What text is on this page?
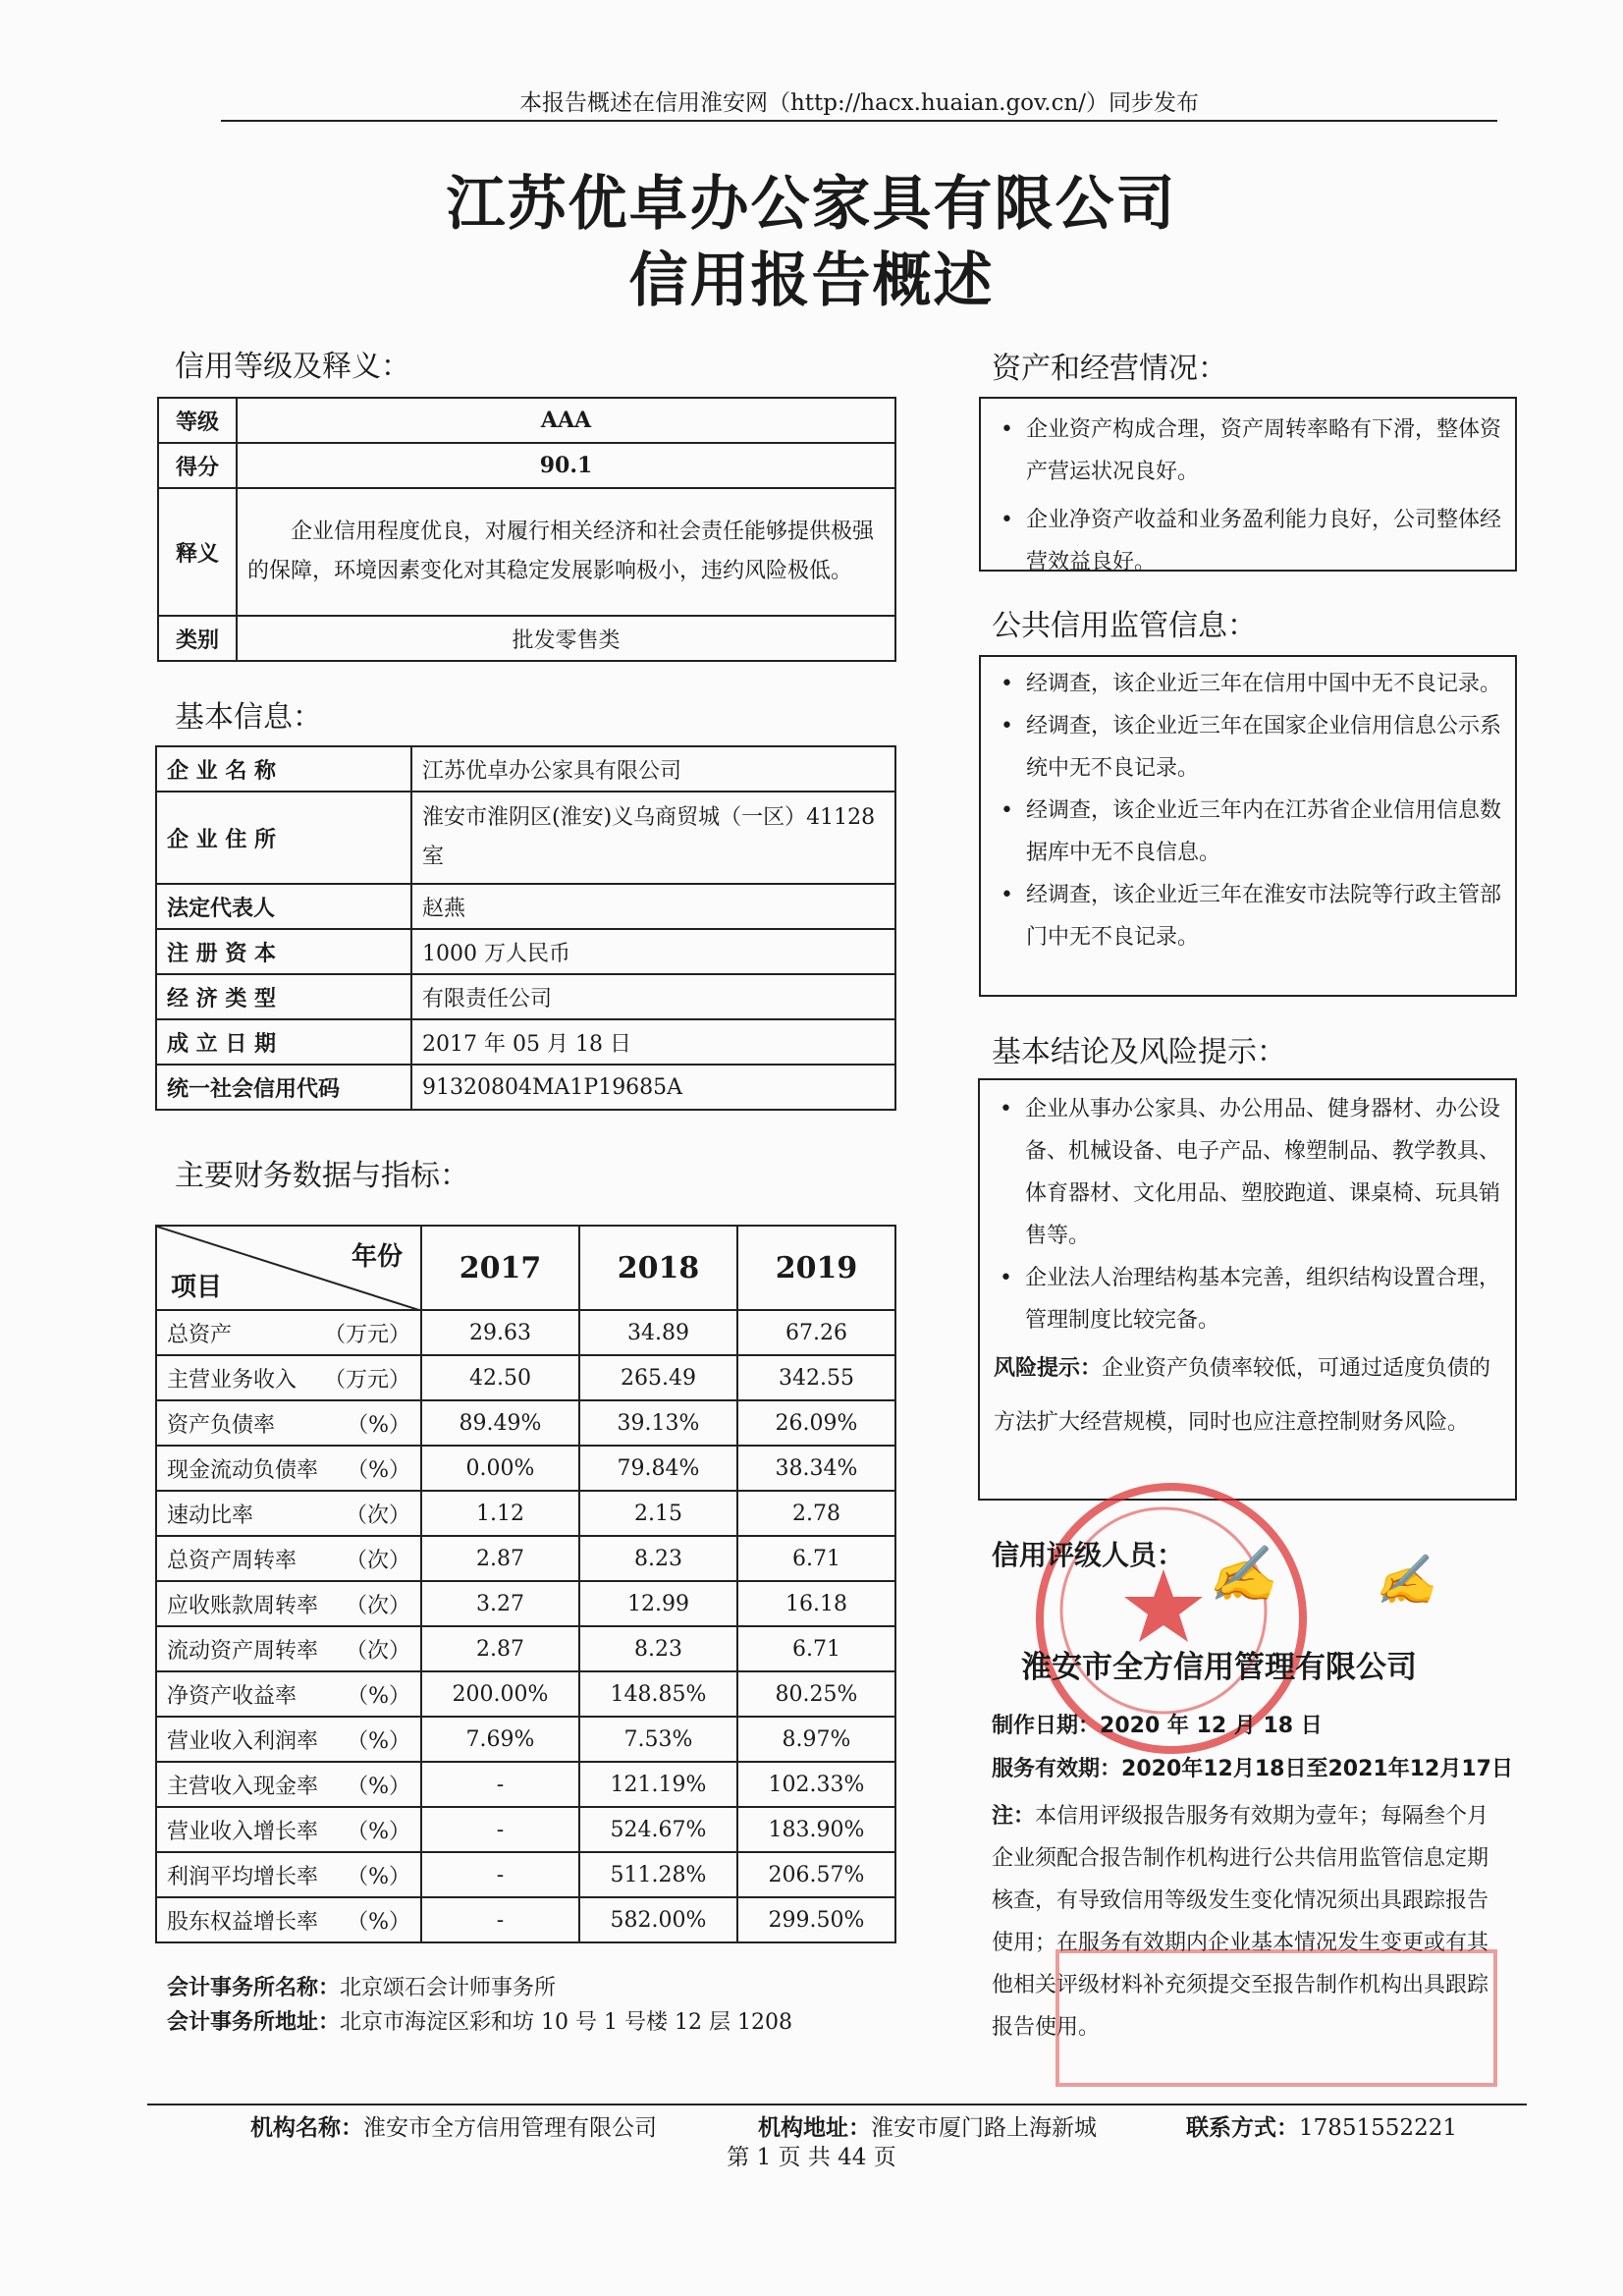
本报告概述在信用淮安网（http://hacx.huaian.gov.cn/）同步发布
江苏优卓办公家具有限公司
信用报告概述
信用等级及释义：
等级	AAA
得分	90.1
释义	企业信用程度优良，对履行相关经济和社会责任能够提供极强的保障，环境因素变化对其稳定发展影响极小，违约风险极低。
类别	批发零售类
基本信息：
企 业 名 称	江苏优卓办公家具有限公司
企 业 住 所	淮安市淮阴区(淮安)义乌商贸城（一区）41128 室
法定代表人	赵燕
注 册 资 本	1000 万人民币
经 济 类 型	有限责任公司
成 立 日 期	2017 年 05 月 18 日
统一社会信用代码	91320804MA1P19685A
主要财务数据与指标：
年份
项目	2017	2018	2019
总资产 （万元）	29.63	34.89	67.26
主营业务收入 （万元）	42.50	265.49	342.55
资产负债率 （%）	89.49%	39.13%	26.09%
现金流动负债率 （%）	0.00%	79.84%	38.34%
速动比率 （次）	1.12	2.15	2.78
总资产周转率 （次）	2.87	8.23	6.71
应收账款周转率 （次）	3.27	12.99	16.18
流动资产周转率 （次）	2.87	8.23	6.71
净资产收益率 （%）	200.00%	148.85%	80.25%
营业收入利润率 （%）	7.69%	7.53%	8.97%
主营收入现金率 （%）	-	121.19%	102.33%
营业收入增长率 （%）	-	524.67%	183.90%
利润平均增长率 （%）	-	511.28%	206.57%
股东权益增长率 （%）	-	582.00%	299.50%
会计事务所名称：北京颂石会计师事务所
会计事务所地址：北京市海淀区彩和坊 10 号 1 号楼 12 层 1208
资产和经营情况：
• 企业资产构成合理，资产周转率略有下滑，整体资产营运状况良好。
• 企业净资产收益和业务盈利能力良好，公司整体经营效益良好。
公共信用监管信息：
• 经调查，该企业近三年在信用中国中无不良记录。
• 经调查，该企业近三年在国家企业信用信息公示系统中无不良记录。
• 经调查，该企业近三年内在江苏省企业信用信息数据库中无不良信息。
• 经调查，该企业近三年在淮安市法院等行政主管部门中无不良记录。
基本结论及风险提示：
• 企业从事办公家具、办公用品、健身器材、办公设备、机械设备、电子产品、橡塑制品、教学教具、体育器材、文化用品、塑胶跑道、课桌椅、玩具销售等。
• 企业法人治理结构基本完善，组织结构设置合理，管理制度比较完备。
风险提示：企业资产负债率较低，可通过适度负债的方法扩大经营规模，同时也应注意控制财务风险。
信用评级人员： ✍ ✍
淮安市全方信用管理有限公司
制作日期：2020 年 12 月 18 日
服务有效期：2020年12月18日至2021年12月17日
注：本信用评级报告服务有效期为壹年；每隔叁个月企业须配合报告制作机构进行公共信用监管信息定期核查，有导致信用等级发生变化情况须出具跟踪报告使用；在服务有效期内企业基本情况发生变更或有其他相关评级材料补充须提交至报告制作机构出具跟踪报告使用。
机构名称：淮安市全方信用管理有限公司	机构地址：淮安市厦门路上海新城	联系方式：17851552221
第 1 页 共 44 页
